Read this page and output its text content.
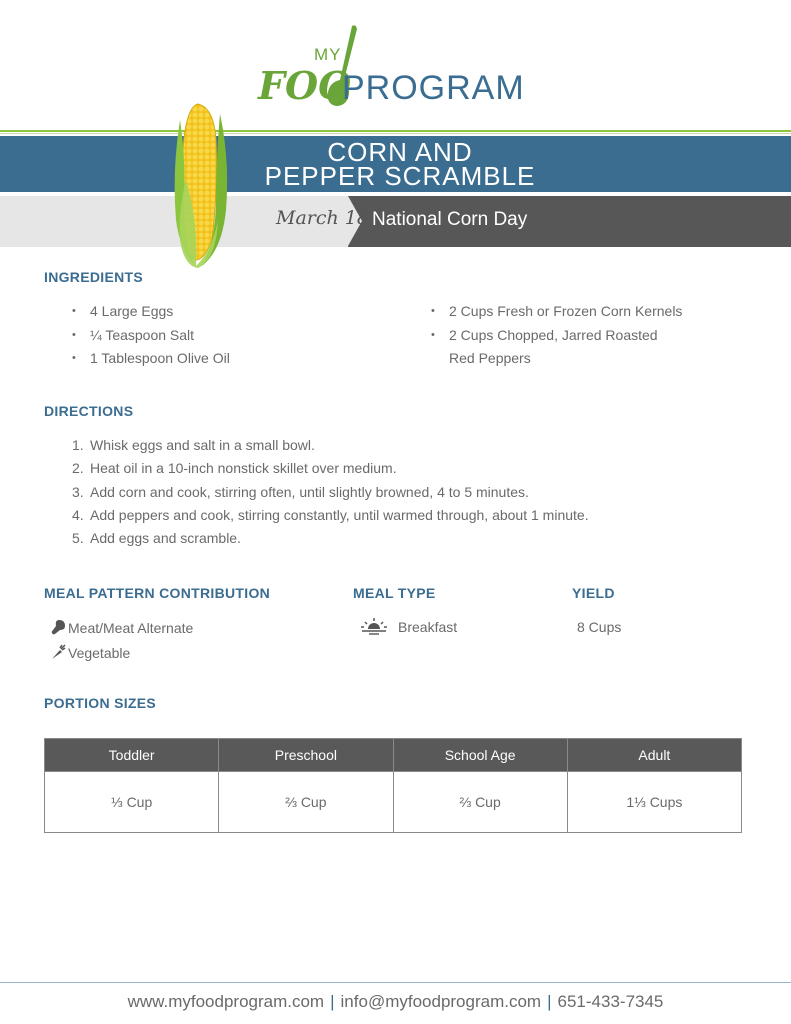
MY
FOO
PROGRAM
CORN AND
PEPPER SCRAMBLE
March 18 National Corn Day
INGREDIENTS
• 4 Large Eggs
• ¼ Teaspoon Salt
• 1 Tablespoon Olive Oil
• 2 Cups Fresh or Frozen Corn Kernels
• 2 Cups Chopped, Jarred Roasted
Red Peppers
DIRECTIONS
1. Whisk eggs and salt in a small bowl.
2. Heat oil in a 10-inch nonstick skillet over medium.
3. Add corn and cook, stirring often, until slightly browned, 4 to 5 minutes.
4. Add peppers and cook, stirring constantly, until warmed through, about 1 minute.
5. Add eggs and scramble.
MEAL PATTERN CONTRIBUTION	MEAL TYPE	YIELD
Meat/Meat Alternate
Vegetable
Breakfast	8 Cups
PORTION SIZES
Toddler	Preschool	School Age	Adult
⅓ Cup	⅔ Cup	⅔ Cup	1⅓ Cups
www.myfoodprogram.com | info@myfoodprogram.com | 651-433-7345
